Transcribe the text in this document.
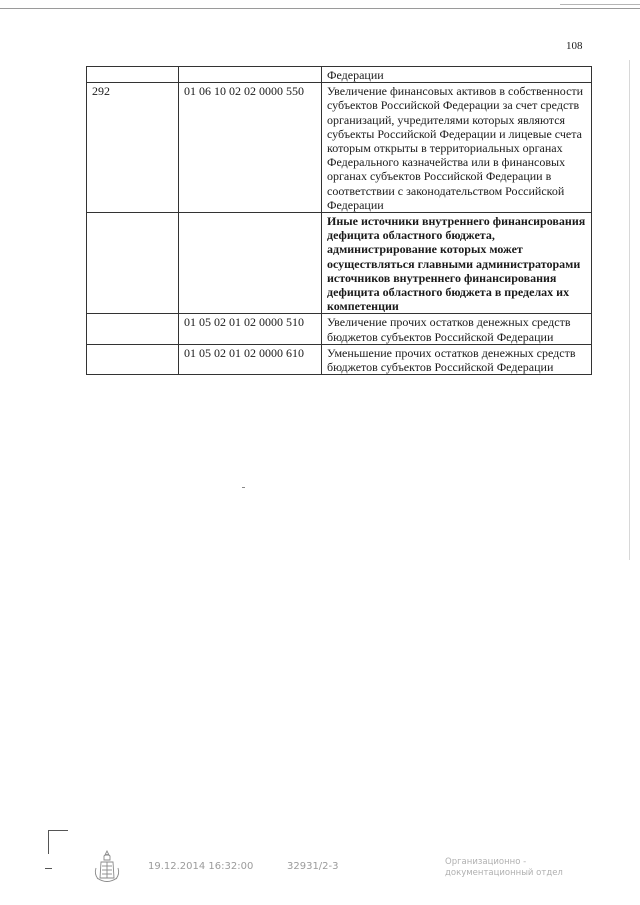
108
		Федерации
292	01 06 10 02 02 0000 550	Увеличение финансовых активов в собственности субъектов Российской Федерации за счет средств организаций, учредителями которых являются субъекты Российской Федерации и лицевые счета которым открыты в территориальных органах Федерального казначейства или в финансовых органах субъектов Российской Федерации в соответствии с законодательством Российской Федерации
		Иные источники внутреннего финансирования дефицита областного бюджета, администрирование которых может осуществляться главными администраторами источников внутреннего финансирования дефицита областного бюджета в пределах их компетенции
	01 05 02 01 02 0000 510	Увеличение прочих остатков денежных средств бюджетов субъектов Российской Федерации
	01 05 02 01 02 0000 610	Уменьшение прочих остатков денежных средств бюджетов субъектов Российской Федерации
19.12.2014 16:32:00	32931/2-3	Организационно -
документационный отдел
